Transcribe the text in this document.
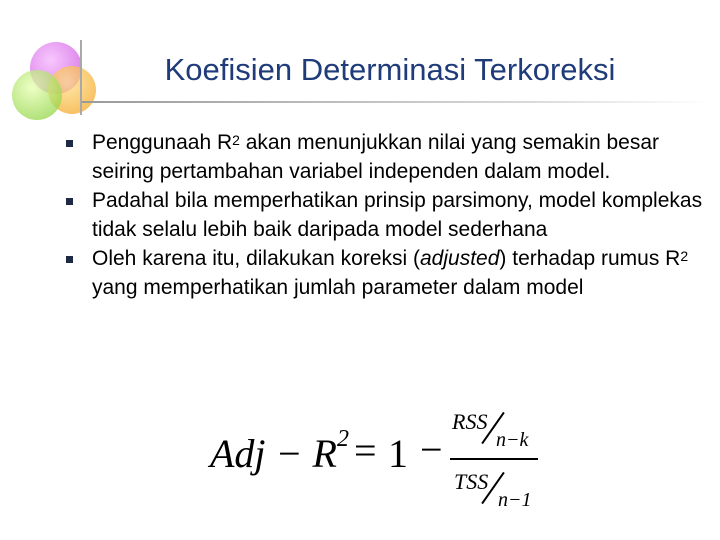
Koefisien Determinasi Terkoreksi
Penggunaah $R^2$ akan menunjukkan nilai yang semakin besar seiring pertambahan variabel independen dalam model.
Padahal bila memperhatikan prinsip parsimony, model komplekas tidak selalu lebih baik daripada model sederhana
Oleh karena itu, dilakukan koreksi (adjusted) terhadap rumus $R^2$ yang memperhatikan jumlah parameter dalam model
Adj − $R^2 = 1$ −
RSS
n−k
TSS
n−1
